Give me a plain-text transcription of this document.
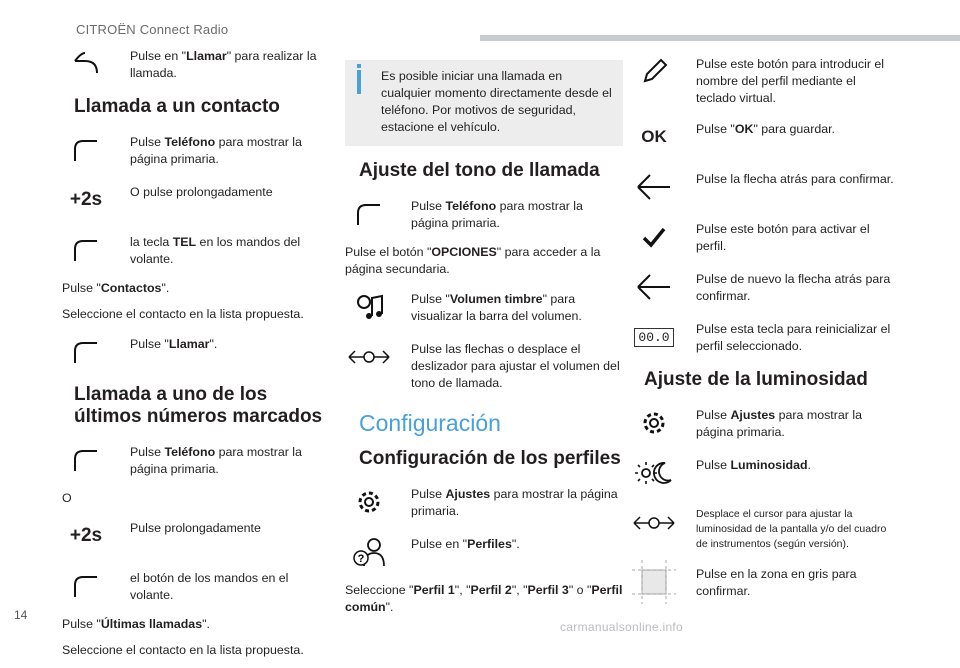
CITROËN Connect Radio
Pulse en "Llamar" para realizar la llamada.
Llamada a un contacto
Pulse Teléfono para mostrar la página primaria.
+2s	O pulse prolongadamente
la tecla TEL en los mandos del volante.

Pulse "Contactos".

Seleccione el contacto en la lista propuesta.

Pulse "Llamar".
Llamada a uno de los últimos números marcados
Pulse Teléfono para mostrar la página primaria.

O

+2s	Pulse prolongadamente
el botón de los mandos en el volante.

Pulse "Últimas llamadas".

Seleccione el contacto en la lista propuesta.

Es posible iniciar una llamada en cualquier momento directamente desde el teléfono. Por motivos de seguridad, estacione el vehículo.
Ajuste del tono de llamada
Pulse Teléfono para mostrar la página primaria.

Pulse el botón "OPCIONES" para acceder a la página secundaria.

Pulse "Volumen timbre" para visualizar la barra del volumen.
Pulse las flechas o desplace el deslizador para ajustar el volumen del tono de llamada.
Configuración
Configuración de los perfiles
Pulse Ajustes para mostrar la página primaria.
?
Pulse en "Perfiles".

Seleccione "Perfil 1", "Perfil 2", "Perfil 3" o "Perfil común".

Pulse este botón para introducir el nombre del perfil mediante el teclado virtual.
OK	Pulse "OK" para guardar.
Pulse la flecha atrás para confirmar.
Pulse este botón para activar el perfil.
Pulse de nuevo la flecha atrás para confirmar.
00.0
Pulse esta tecla para reinicializar el perfil seleccionado.
Ajuste de la luminosidad
Pulse Ajustes para mostrar la página primaria.
Pulse Luminosidad.
Desplace el cursor para ajustar la luminosidad de la pantalla y/o del cuadro de instrumentos (según versión).
Pulse en la zona en gris para confirmar.
14
carmanualsonline.info
